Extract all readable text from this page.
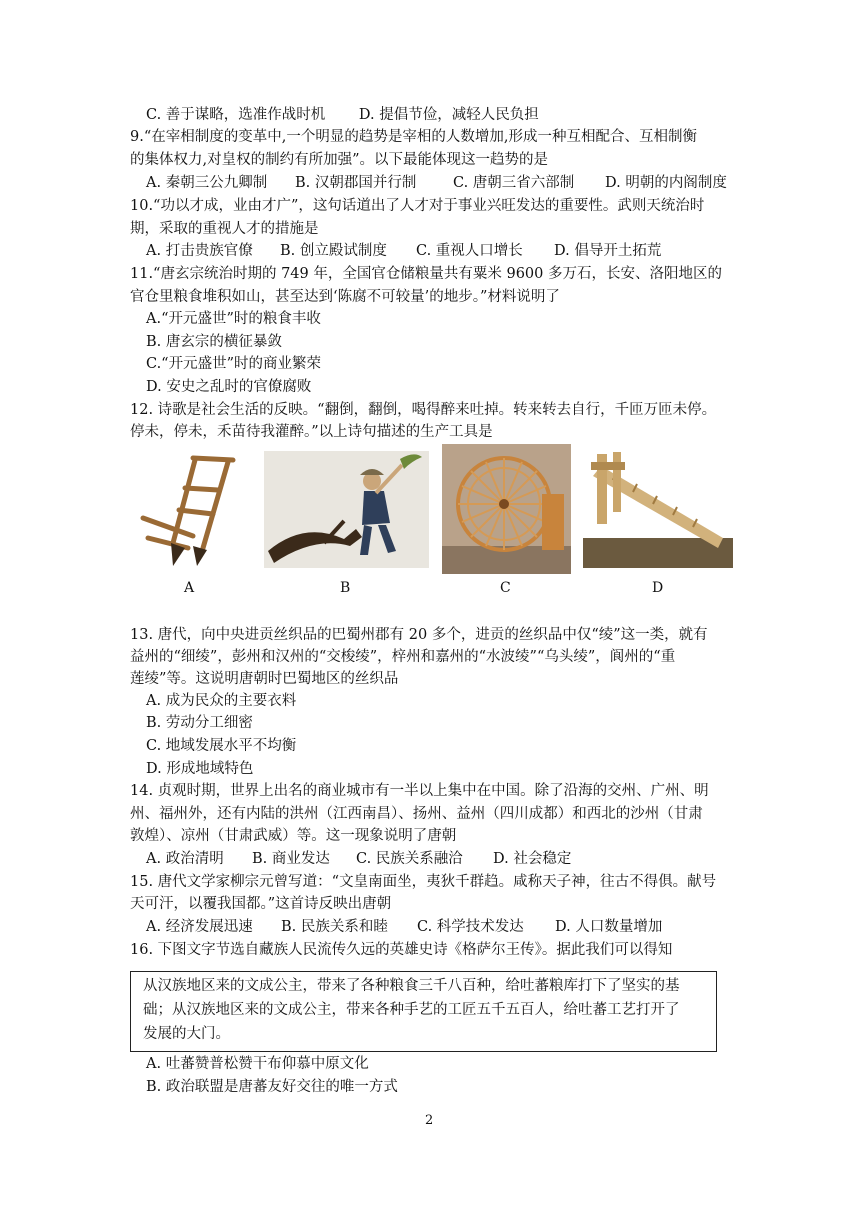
C. 善于谋略，选准作战时机　　 D. 提倡节俭，减轻人民负担
9.“在宰相制度的变革中,一个明显的趋势是宰相的人数增加,形成一种互相配合、互相制衡
的集体权力,对皇权的制约有所加强”。以下最能体现这一趋势的是
A. 秦朝三公九卿制	B. 汉朝郡国并行制	C. 唐朝三省六部制	D. 明朝的内阁制度
10.“功以才成，业由才广”，这句话道出了人才对于事业兴旺发达的重要性。武则天统治时
期，采取的重视人才的措施是
A. 打击贵族官僚	B. 创立殿试制度	C. 重视人口增长	D. 倡导开土拓荒
11.“唐玄宗统治时期的 749 年，全国官仓储粮量共有粟米 9600 多万石，长安、洛阳地区的
官仓里粮食堆积如山，甚至达到‘陈腐不可较量’的地步。”材料说明了
A.“开元盛世”时的粮食丰收
B. 唐玄宗的横征暴敛
C.“开元盛世”时的商业繁荣
D. 安史之乱时的官僚腐败
12. 诗歌是社会生活的反映。“翻倒，翻倒，喝得醉来吐掉。转来转去自行，千匝万匝未停。
停未，停未，禾苗待我灌醉。”以上诗句描述的生产工具是
A	B	C	D
13. 唐代，向中央进贡丝织品的巴蜀州郡有 20 多个，进贡的丝织品中仅“绫”这一类，就有
益州的“细绫”，彭州和汉州的“交梭绫”，梓州和嘉州的“水波绫”“乌头绫”，阆州的“重
莲绫”等。这说明唐朝时巴蜀地区的丝织品
A. 成为民众的主要衣料
B. 劳动分工细密
C. 地域发展水平不均衡
D. 形成地域特色
14. 贞观时期，世界上出名的商业城市有一半以上集中在中国。除了沿海的交州、广州、明
州、福州外，还有内陆的洪州（江西南昌）、扬州、益州（四川成都）和西北的沙州（甘肃
敦煌）、凉州（甘肃武威）等。这一现象说明了唐朝
A. 政治清明	B. 商业发达	C. 民族关系融洽	D. 社会稳定
15. 唐代文学家柳宗元曾写道：“文皇南面坐，夷狄千群趋。咸称天子神，往古不得俱。献号
天可汗，以覆我国都。”这首诗反映出唐朝
A. 经济发展迅速	B. 民族关系和睦	C. 科学技术发达	D. 人口数量增加
16. 下图文字节选自藏族人民流传久远的英雄史诗《格萨尔王传》。据此我们可以得知
从汉族地区来的文成公主，带来了各种粮食三千八百种，给吐蕃粮库打下了坚实的基
础；从汉族地区来的文成公主，带来各种手艺的工匠五千五百人，给吐蕃工艺打开了
发展的大门。
A. 吐蕃赞普松赞干布仰慕中原文化
B. 政治联盟是唐蕃友好交往的唯一方式
2
